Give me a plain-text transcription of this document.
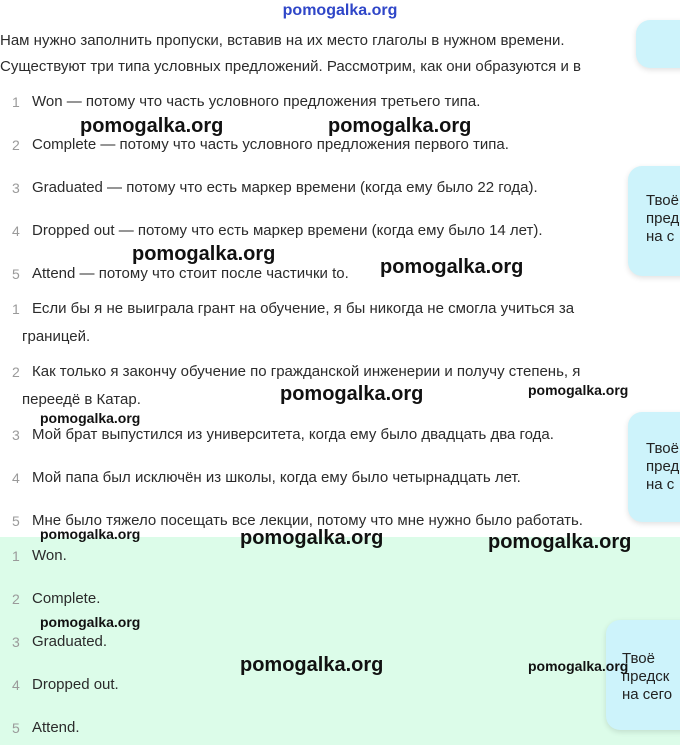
pomogalka.org
Нам нужно заполнить пропуски, вставив на их место глаголы в нужном времени.
Существуют три типа условных предложений. Рассмотрим, как они образуются и в
1 Won — потому что часть условного предложения третьего типа.
2 Complete — потому что часть условного предложения первого типа.
3 Graduated — потому что есть маркер времени (когда ему было 22 года).
4 Dropped out — потому что есть маркер времени (когда ему было 14 лет).
5 Attend — потому что стоит после частички to.
1 Если бы я не выиграла грант на обучение, я бы никогда не смогла учиться за
границей.
2 Как только я закончу обучение по гражданской инженерии и получу степень, я
переедё в Катар.
3 Мой брат выпустился из университета, когда ему было двадцать два года.
4 Мой папа был исключён из школы, когда ему было четырнадцать лет.
5 Мне было тяжело посещать все лекции, потому что мне нужно было работать.
Твоё
пред
на с
Твоё
пред
на с
1 Won.
2 Complete.
3 Graduated.
4 Dropped out.
5 Attend.
Твоё
предск
на сего
pomogalka.org	pomogalka.org
pomogalka.org
pomogalka.org
pomogalka.org	pomogalka.org
pomogalka.org
pomogalka.org	pomogalka.org	pomogalka.org
pomogalka.org
pomogalka.org	pomogalka.org
